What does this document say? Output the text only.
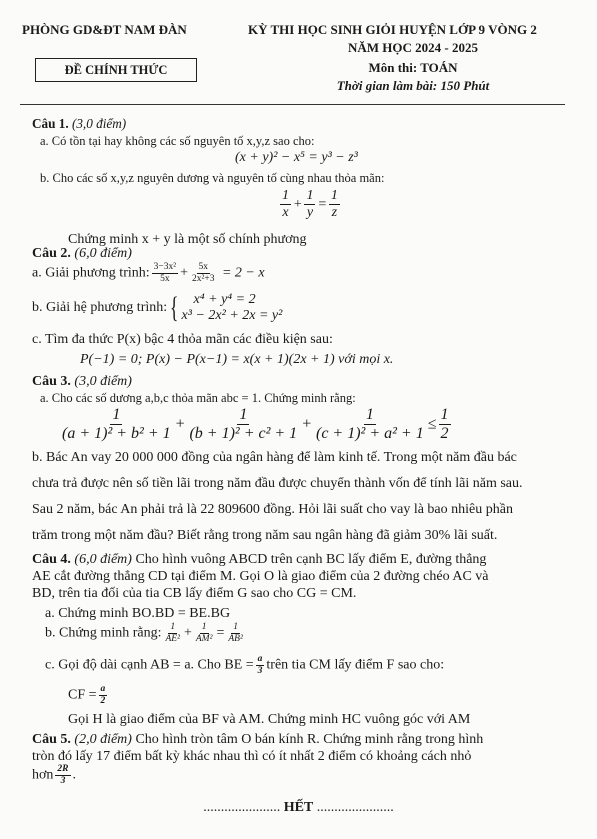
PHÒNG GD&ĐT NAM ĐÀN	KỲ THI HỌC SINH GIỎI HUYỆN LỚP 9 VÒNG 2
NĂM HỌC 2024 - 2025
ĐỀ CHÍNH THỨC	Môn thi: TOÁN
Thời gian làm bài: 150 Phút
Câu 1. (3,0 điểm)
a. Có tồn tại hay không các số nguyên tố x,y,z sao cho:
(x + y)² − x⁵ = y³ − z³
b. Cho các số x,y,z nguyên dương và nguyên tố cùng nhau thỏa mãn:
$\frac{1}{x} + \frac{1}{y} = \frac{1}{z}$
Chứng minh x + y là một số chính phương
Câu 2. (6,0 điểm)
a. Giải phương trình: $\frac{\text{3−3x²}}{5x} + \frac{5x}{\text{2x²+3}} = 2 - x$
b. Giải hệ phương trình:{	x⁴ + y⁴ = 2
x³ − 2x² + 2x = y²
c. Tìm đa thức P(x) bậc 4 thỏa mãn các điều kiện sau:
P(−1) = 0; P(x) − P(x−1) = x(x + 1)(2x + 1) với mọi x.
Câu 3. (3,0 điểm)
a. Cho các số dương a,b,c thỏa mãn abc = 1. Chứng minh rằng:
$\frac{1}{\text{(a + 1)² + b² + 1}} + \frac{1}{\text{(b + 1)² + c² + 1}} + \frac{1}{\text{(c + 1)² + a² + 1}} \le \frac{1}{2}$
b. Bác An vay 20 000 000 đồng của ngân hàng để làm kinh tế. Trong một năm đầu bác
chưa trả được nên số tiền lãi trong năm đầu được chuyển thành vốn để tính lãi năm sau.
Sau 2 năm, bác An phải trả là 22 809600 đồng. Hỏi lãi suất cho vay là bao nhiêu phần
trăm trong một năm đầu? Biết rằng trong năm sau ngân hàng đã giảm 30% lãi suất.
Câu 4. (6,0 điểm) Cho hình vuông ABCD trên cạnh BC lấy điểm E, đường thẳng
AE cắt đường thẳng CD tại điểm M. Gọi O là giao điểm của 2 đường chéo AC và
BD, trên tia đối của tia CB lấy điểm G sao cho CG = CM.
a. Chứng minh BO.BD = BE.BG
b. Chứng minh rằng: $\frac{1}{\text{AE²}} + \frac{1}{\text{AM²}} = \frac{1}{\text{AB²}}$
c. Gọi độ dài cạnh AB = a. Cho BE = $\frac{a}{3}$ trên tia CM lấy điểm F sao cho:
CF = $\frac{a}{2}$
Gọi H là giao điểm của BF và AM. Chứng minh HC vuông góc với AM
Câu 5. (2,0 điểm) Cho hình tròn tâm O bán kính R. Chứng minh rằng trong hình
tròn đó lấy 17 điểm bất kỳ khác nhau thì có ít nhất 2 điểm có khoảng cách nhỏ
hơn $\frac{2R}{3}$ .
...................... HẾT ......................
